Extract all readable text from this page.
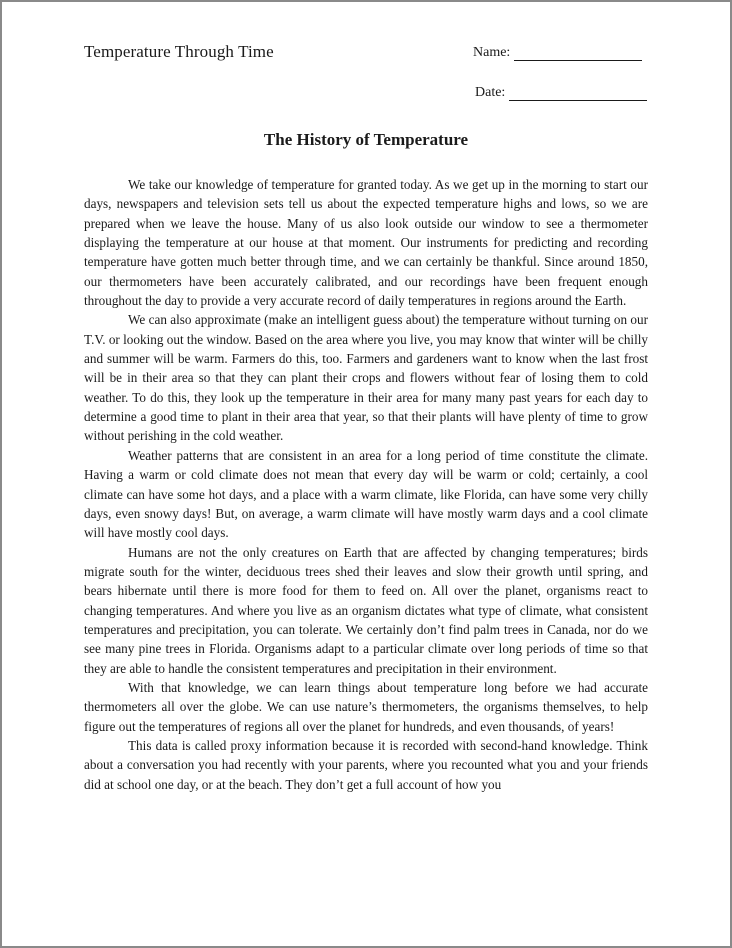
Temperature Through Time	Name:
Date:
The History of Temperature

We take our knowledge of temperature for granted today. As we get up in the morning to start our days, newspapers and television sets tell us about the expected temperature highs and lows, so we are prepared when we leave the house. Many of us also look outside our window to see a thermometer displaying the temperature at our house at that moment. Our instruments for predicting and recording temperature have gotten much better through time, and we can certainly be thankful. Since around 1850, our thermometers have been accurately calibrated, and our recordings have been frequent enough throughout the day to provide a very accurate record of daily temperatures in regions around the Earth.

We can also approximate (make an intelligent guess about) the temperature without turning on our T.V. or looking out the window. Based on the area where you live, you may know that winter will be chilly and summer will be warm. Farmers do this, too. Farmers and gardeners want to know when the last frost will be in their area so that they can plant their crops and flowers without fear of losing them to cold weather. To do this, they look up the temperature in their area for many many past years for each day to determine a good time to plant in their area that year, so that their plants will have plenty of time to grow without perishing in the cold weather.

Weather patterns that are consistent in an area for a long period of time constitute the climate. Having a warm or cold climate does not mean that every day will be warm or cold; certainly, a cool climate can have some hot days, and a place with a warm climate, like Florida, can have some very chilly days, even snowy days! But, on average, a warm climate will have mostly warm days and a cool climate will have mostly cool days.

Humans are not the only creatures on Earth that are affected by changing temperatures; birds migrate south for the winter, deciduous trees shed their leaves and slow their growth until spring, and bears hibernate until there is more food for them to feed on. All over the planet, organisms react to changing temperatures. And where you live as an organism dictates what type of climate, what consistent temperatures and precipitation, you can tolerate. We certainly don’t find palm trees in Canada, nor do we see many pine trees in Florida. Organisms adapt to a particular climate over long periods of time so that they are able to handle the consistent temperatures and precipitation in their environment.

With that knowledge, we can learn things about temperature long before we had accurate thermometers all over the globe. We can use nature’s thermometers, the organisms themselves, to help figure out the temperatures of regions all over the planet for hundreds, and even thousands, of years!

This data is called proxy information because it is recorded with second-hand knowledge. Think about a conversation you had recently with your parents, where you recounted what you and your friends did at school one day, or at the beach. They don’t get a full account of how you
